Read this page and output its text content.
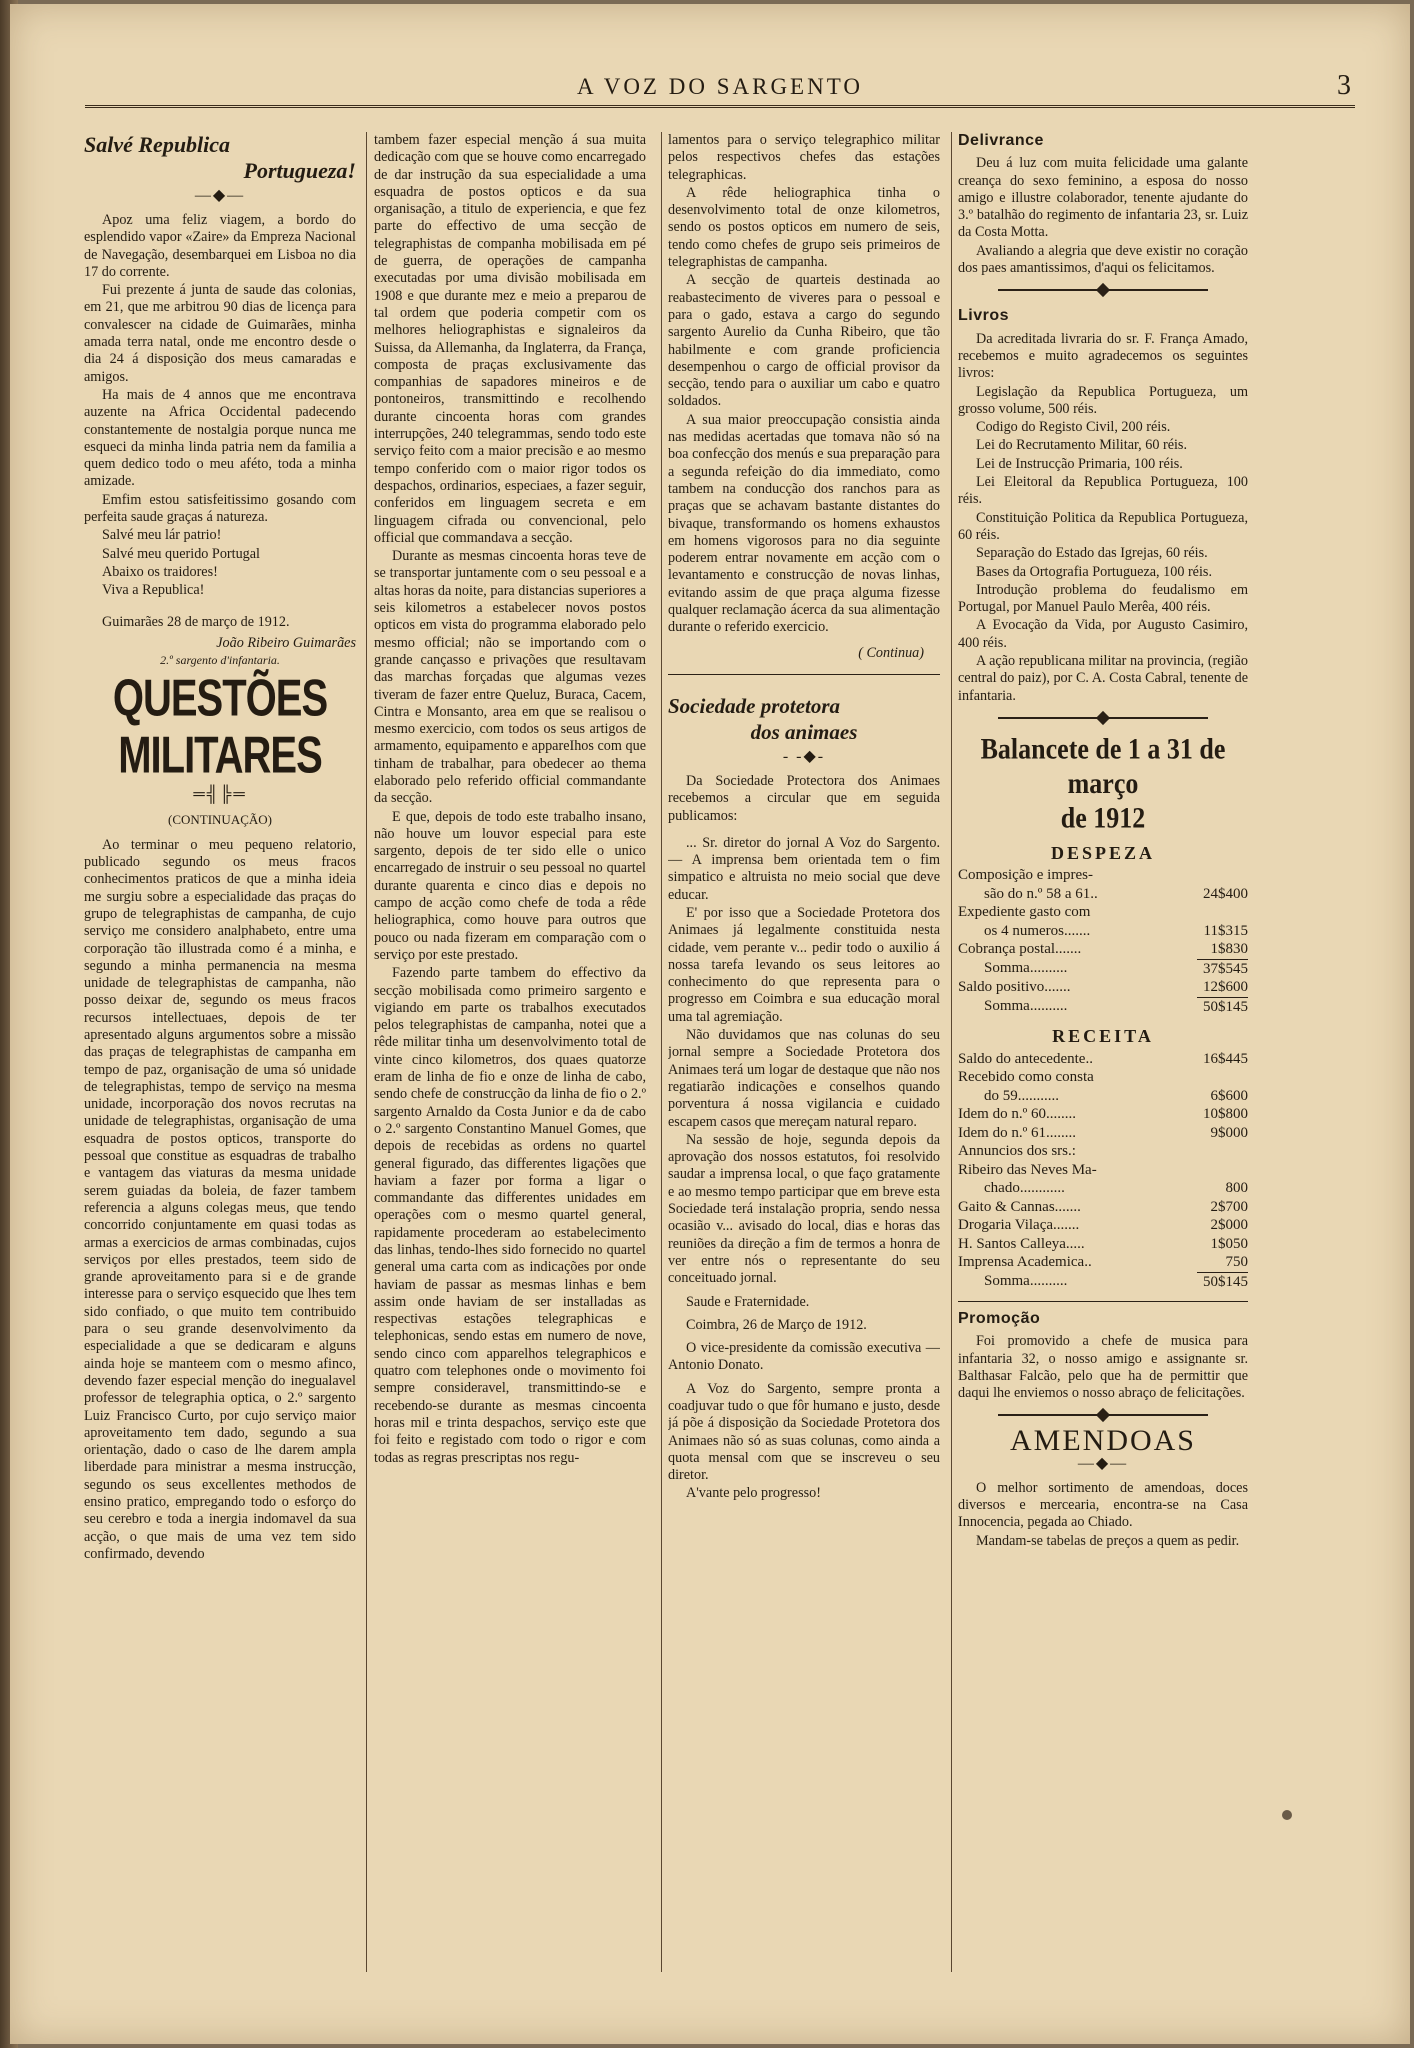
A VOZ DO SARGENTO	3
Salvé Republica
Portugueza!
—◆—

Apoz uma feliz viagem, a bordo do esplendido vapor «Zaire» da Empreza Nacional de Navegação, desembarquei em Lisboa no dia 17 do corrente.

Fui prezente á junta de saude das colonias, em 21, que me arbitrou 90 dias de licença para convalescer na cidade de Guimarães, minha amada terra natal, onde me encontro desde o dia 24 á disposição dos meus camaradas e amigos.

Ha mais de 4 annos que me encontrava auzente na Africa Occidental padecendo constantemente de nostalgia porque nunca me esqueci da minha linda patria nem da familia a quem dedico todo o meu aféto, toda a minha amizade.

Emfim estou satisfeitissimo gosando com perfeita saude graças á natureza.

Salvé meu lár patrio!

Salvé meu querido Portugal

Abaixo os traidores!

Viva a Republica!

Guimarães 28 de março de 1912.

João Ribeiro Guimarães
2.º sargento d'infantaria.
QUESTÕES MILITARES
═╣╠═
(CONTINUAÇÃO)

Ao terminar o meu pequeno relatorio, publicado segundo os meus fracos conhecimentos praticos de que a minha ideia me surgiu sobre a especialidade das praças do grupo de telegraphistas de campanha, de cujo serviço me considero analphabeto, entre uma corporação tão illustrada como é a minha, e segundo a minha permanencia na mesma unidade de telegraphistas de campanha, não posso deixar de, segundo os meus fracos recursos intellectuaes, depois de ter apresentado alguns argumentos sobre a missão das praças de telegraphistas de campanha em tempo de paz, organisação de uma só unidade de telegraphistas, tempo de serviço na mesma unidade, incorporação dos novos recrutas na unidade de telegraphistas, organisação de uma esquadra de postos opticos, transporte do pessoal que constitue as esquadras de trabalho e vantagem das viaturas da mesma unidade serem guiadas da boleia, de fazer tambem referencia a alguns colegas meus, que tendo concorrido conjuntamente em quasi todas as armas a exercicios de armas combinadas, cujos serviços por elles prestados, teem sido de grande aproveitamento para si e de grande interesse para o serviço esquecido que lhes tem sido confiado, o que muito tem contribuido para o seu grande desenvolvimento da especialidade a que se dedicaram e alguns ainda hoje se manteem com o mesmo afinco, devendo fazer especial menção do inegualavel professor de telegraphia optica, o 2.º sargento Luiz Francisco Curto, por cujo serviço maior aproveitamento tem dado, segundo a sua orientação, dado o caso de lhe darem ampla liberdade para ministrar a mesma instrucção, segundo os seus excellentes methodos de ensino pratico, empregando todo o esforço do seu cerebro e toda a inergia indomavel da sua acção, o que mais de uma vez tem sido confirmado, devendo

tambem fazer especial menção á sua muita dedicação com que se houve como encarregado de dar instrução da sua especialidade a uma esquadra de postos opticos e da sua organisação, a titulo de experiencia, e que fez parte do effectivo de uma secção de telegraphistas de companha mobilisada em pé de guerra, de operações de campanha executadas por uma divisão mobilisada em 1908 e que durante mez e meio a preparou de tal ordem que poderia competir com os melhores heliographistas e signaleiros da Suissa, da Allemanha, da Inglaterra, da França, composta de praças exclusivamente das companhias de sapadores mineiros e de pontoneiros, transmittindo e recolhendo durante cincoenta horas com grandes interrupções, 240 telegrammas, sendo todo este serviço feito com a maior precisão e ao mesmo tempo conferido com o maior rigor todos os despachos, ordinarios, especiaes, a fazer seguir, conferidos em linguagem secreta e em linguagem cifrada ou convencional, pelo official que commandava a secção.

Durante as mesmas cincoenta horas teve de se transportar juntamente com o seu pessoal e a altas horas da noite, para distancias superiores a seis kilometros a estabelecer novos postos opticos em vista do programma elaborado pelo mesmo official; não se importando com o grande cançasso e privações que resultavam das marchas forçadas que algumas vezes tiveram de fazer entre Queluz, Buraca, Cacem, Cintra e Monsanto, area em que se realisou o mesmo exercicio, com todos os seus artigos de armamento, equipamento e appareIhos com que tinham de trabalhar, para obedecer ao thema elaborado pelo referido official commandante da secção.

E que, depois de todo este trabalho insano, não houve um louvor especial para este sargento, depois de ter sido elle o unico encarregado de instruir o seu pessoal no quartel durante quarenta e cinco dias e depois no campo de acção como chefe de toda a rêde heliographica, como houve para outros que pouco ou nada fizeram em comparação com o serviço por este prestado.

Fazendo parte tambem do effectivo da secção mobilisada como primeiro sargento e vigiando em parte os trabalhos executados pelos telegraphistas de campanha, notei que a rêde militar tinha um desenvolvimento total de vinte cinco kilometros, dos quaes quatorze eram de linha de fio e onze de linha de cabo, sendo chefe de construcção da linha de fio o 2.º sargento Arnaldo da Costa Junior e da de cabo o 2.º sargento Constantino Manuel Gomes, que depois de recebidas as ordens no quartel general figurado, das differentes ligações que haviam a fazer por forma a ligar o commandante das differentes unidades em operações com o mesmo quartel general, rapidamente procederam ao estabelecimento das linhas, tendo-lhes sido fornecido no quartel general uma carta com as indicações por onde haviam de passar as mesmas linhas e bem assim onde haviam de ser installadas as respectivas estações telegraphicas e telephonicas, sendo estas em numero de nove, sendo cinco com apparelhos telegraphicos e quatro com telephones onde o movimento foi sempre consideravel, transmittindo-se e recebendo-se durante as mesmas cincoenta horas mil e trinta despachos, serviço este que foi feito e registado com todo o rigor e com todas as regras prescriptas nos regu-

lamentos para o serviço telegraphico militar pelos respectivos chefes das estações telegraphicas.

A rêde heliographica tinha o desenvolvimento total de onze kilometros, sendo os postos opticos em numero de seis, tendo como chefes de grupo seis primeiros de telegraphistas de campanha.

A secção de quarteis destinada ao reabastecimento de viveres para o pessoal e para o gado, estava a cargo do segundo sargento Aurelio da Cunha Ribeiro, que tão habilmente e com grande proficiencia desempenhou o cargo de official provisor da secção, tendo para o auxiliar um cabo e quatro soldados.

A sua maior preoccupação consistia ainda nas medidas acertadas que tomava não só na boa confecção dos menús e sua preparação para a segunda refeição do dia immediato, como tambem na conducção dos ranchos para as praças que se achavam bastante distantes do bivaque, transformando os homens exhaustos em homens vigorosos para no dia seguinte poderem entrar novamente em acção com o levantamento e construcção de novas linhas, evitando assim de que praça alguma fizesse qualquer reclamação ácerca da sua alimentação durante o referido exercicio.

( Continua)
Sociedade protetora
dos animaes
- -◆-

Da Sociedade Protectora dos Animaes recebemos a circular que em seguida publicamos:

... Sr. diretor do jornal A Voz do Sargento. — A imprensa bem orientada tem o fim simpatico e altruista no meio social que deve educar.

E' por isso que a Sociedade Protetora dos Animaes já legalmente constituida nesta cidade, vem perante v... pedir todo o auxilio á nossa tarefa levando os seus leitores ao conhecimento do que representa para o progresso em Coimbra e sua educação moral uma tal agremiação.

Não duvidamos que nas colunas do seu jornal sempre a Sociedade Protetora dos Animaes terá um logar de destaque que não nos regatiarão indicações e conselhos quando porventura á nossa vigilancia e cuidado escapem casos que mereçam natural reparo.

Na sessão de hoje, segunda depois da aprovação dos nossos estatutos, foi resolvido saudar a imprensa local, o que faço gratamente e ao mesmo tempo participar que em breve esta Sociedade terá instalação propria, sendo nessa ocasião v... avisado do local, dias e horas das reuniões da direção a fim de termos a honra de ver entre nós o representante do seu conceituado jornal.

Saude e Fraternidade.

Coimbra, 26 de Março de 1912.

O vice-presidente da comissão executiva — Antonio Donato.

A Voz do Sargento, sempre pronta a coadjuvar tudo o que fôr humano e justo, desde já põe á disposição da Sociedade Protetora dos Animaes não só as suas colunas, como ainda a quota mensal com que se inscreveu o seu diretor.

A'vante pelo progresso!

Delivrance

Deu á luz com muita felicidade uma galante creança do sexo feminino, a esposa do nosso amigo e illustre colaborador, tenente ajudante do 3.º batalhão do regimento de infantaria 23, sr. Luiz da Costa Motta.

Avaliando a alegria que deve existir no coração dos paes amantissimos, d'aqui os felicitamos.

Livros

Da acreditada livraria do sr. F. França Amado, recebemos e muito agradecemos os seguintes livros:

Legislação da Republica Portugueza, um grosso volume, 500 réis.

Codigo do Registo Civil, 200 réis.

Lei do Recrutamento Militar, 60 réis.

Lei de Instrucção Primaria, 100 réis.

Lei Eleitoral da Republica Portugueza, 100 réis.

Constituição Politica da Republica Portugueza, 60 réis.

Separação do Estado das Igrejas, 60 réis.

Bases da Ortografia Portugueza, 100 réis.

Introdução problema do feudalismo em Portugal, por Manuel Paulo Merêa, 400 réis.

A Evocação da Vida, por Augusto Casimiro, 400 réis.

A ação republicana militar na provincia, (região central do paiz), por C. A. Costa Cabral, tenente de infantaria.

Balancete de 1 a 31 de março
de 1912
DESPEZA
Composição e impres-
são do n.º 58 a 61..	24$400
Expediente gasto com
os 4 numeros.......	11$315
Cobrança postal.......	1$830
Somma..........	37$545
Saldo positivo.......	12$600
Somma..........	50$145
RECEITA
Saldo do antecedente..	16$445
Recebido como consta
do 59...........	6$600
Idem do n.º 60........	10$800
Idem do n.º 61........	9$000
Annuncios dos srs.:
Ribeiro das Neves Ma-
chado............	800
Gaito & Cannas.......	2$700
Drogaria Vilaça.......	2$000
H. Santos Calleya.....	1$050
Imprensa Academica..	750
Somma..........	50$145
Promoção

Foi promovido a chefe de musica para infantaria 32, o nosso amigo e assignante sr. Balthasar Falcão, pelo que ha de permittir que daqui lhe enviemos o nosso abraço de felicitações.

AMENDOAS
—◆—

O melhor sortimento de amendoas, doces diversos e mercearia, encontra-se na Casa Innocencia, pegada ao Chiado.

Mandam-se tabelas de preços a quem as pedir.
